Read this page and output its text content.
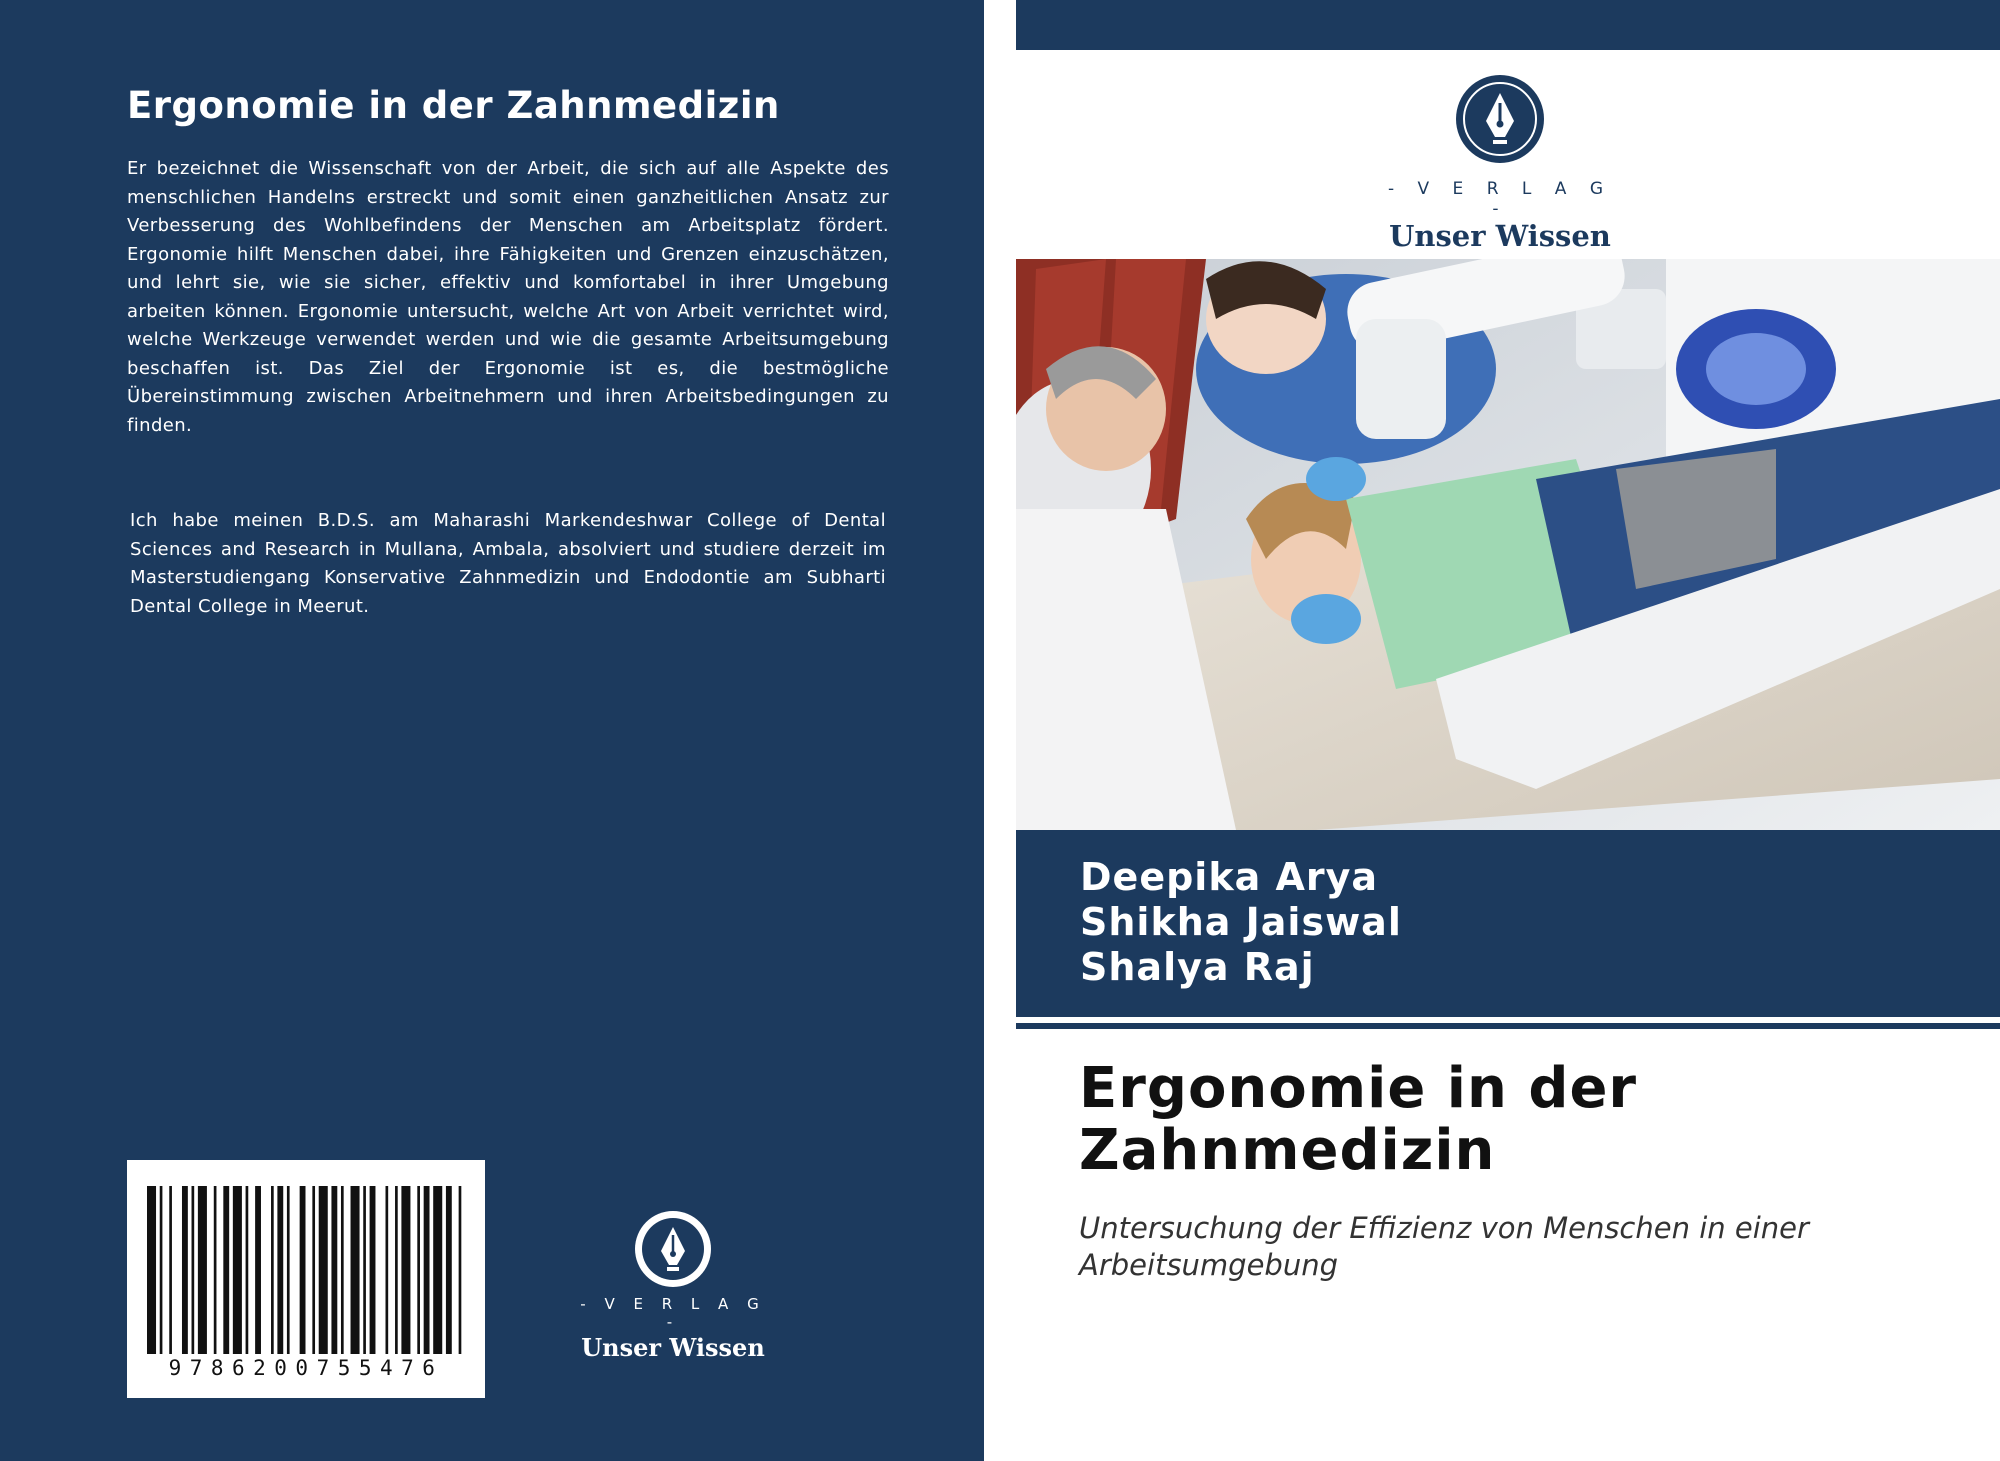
Ergonomie in der Zahnmedizin

Er bezeichnet die Wissenschaft von der Arbeit, die sich auf alle Aspekte des menschlichen Handelns erstreckt und somit einen ganzheitlichen Ansatz zur Verbesserung des Wohlbefindens der Menschen am Arbeitsplatz fördert. Ergonomie hilft Menschen dabei, ihre Fähigkeiten und Grenzen einzuschätzen, und lehrt sie, wie sie sicher, effektiv und komfortabel in ihrer Umgebung arbeiten können. Ergonomie untersucht, welche Art von Arbeit verrichtet wird, welche Werkzeuge verwendet werden und wie die gesamte Arbeitsumgebung beschaffen ist. Das Ziel der Ergonomie ist es, die bestmögliche Übereinstimmung zwischen Arbeitnehmern und ihren Arbeitsbedingungen zu finden.

Ich habe meinen B.D.S. am Maharashi Markendeshwar College of Dental Sciences and Research in Mullana, Ambala, absolviert und studiere derzeit im Masterstudiengang Konservative Zahnmedizin und Endodontie am Subharti Dental College in Meerut.

9786200755476
- V E R L A G -
Unser Wissen
- V E R L A G -
Unser Wissen

Deepika Arya

Shikha Jaiswal

Shalya Raj

Ergonomie in der
Zahnmedizin

Untersuchung der Effizienz von Menschen in einer Arbeitsumgebung
